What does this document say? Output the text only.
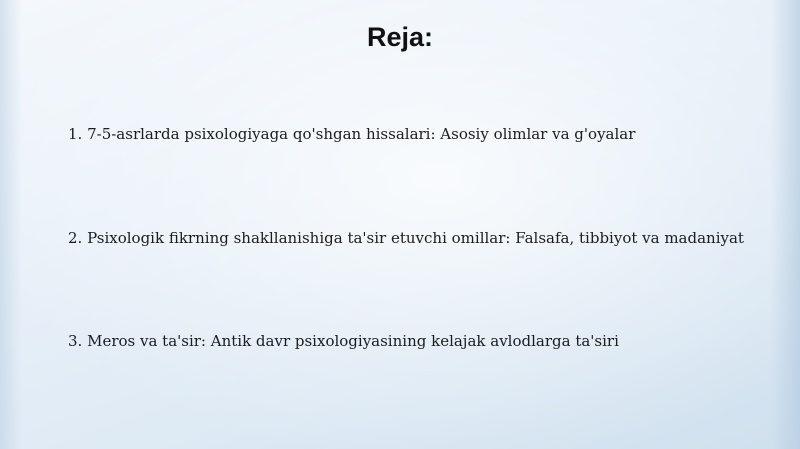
Reja:
1. 7-5-asrlarda psixologiyaga qo'shgan hissalari: Asosiy olimlar va g'oyalar
2. Psixologik fikrning shakllanishiga ta'sir etuvchi omillar: Falsafa, tibbiyot va madaniyat
3. Meros va ta'sir: Antik davr psixologiyasining kelajak avlodlarga ta'siri
